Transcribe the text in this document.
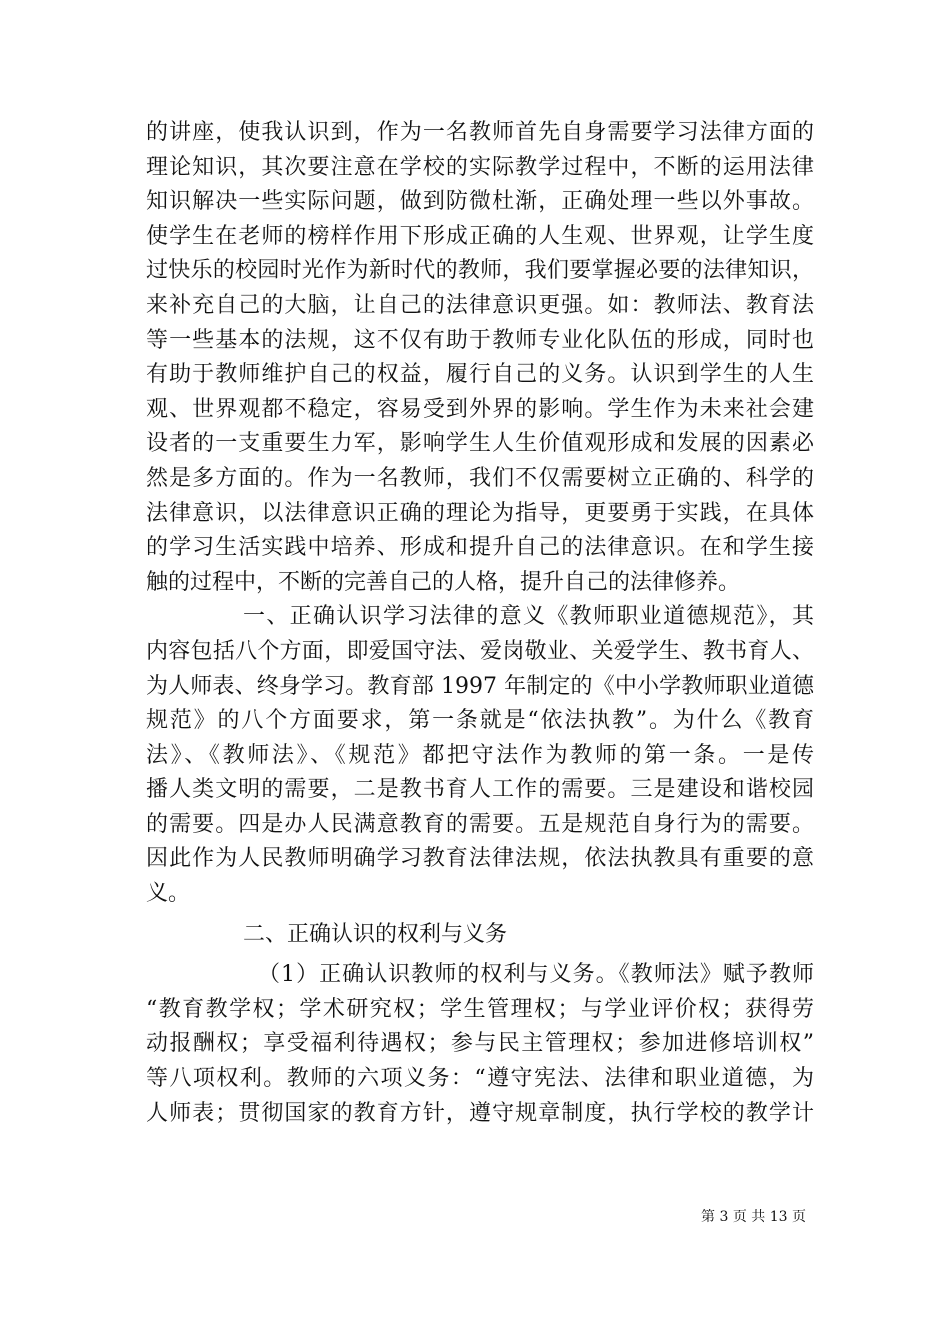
的讲座，使我认识到，作为一名教师首先自身需要学习法律方面的
理论知识，其次要注意在学校的实际教学过程中，不断的运用法律
知识解决一些实际问题，做到防微杜渐，正确处理一些以外事故。
使学生在老师的榜样作用下形成正确的人生观、世界观，让学生度
过快乐的校园时光作为新时代的教师，我们要掌握必要的法律知识，
来补充自己的大脑，让自己的法律意识更强。如：教师法、教育法
等一些基本的法规，这不仅有助于教师专业化队伍的形成，同时也
有助于教师维护自己的权益，履行自己的义务。认识到学生的人生
观、世界观都不稳定，容易受到外界的影响。学生作为未来社会建
设者的一支重要生力军，影响学生人生价值观形成和发展的因素必
然是多方面的。作为一名教师，我们不仅需要树立正确的、科学的
法律意识，以法律意识正确的理论为指导，更要勇于实践，在具体
的学习生活实践中培养、形成和提升自己的法律意识。在和学生接
触的过程中，不断的完善自己的人格，提升自己的法律修养。
一、正确认识学习法律的意义《教师职业道德规范》，其
内容包括八个方面，即爱国守法、爱岗敬业、关爱学生、教书育人、
为人师表、终身学习。教育部 1997 年制定的《中小学教师职业道德
规范》的八个方面要求，第一条就是“依法执教”。为什么《教育
法》、《教师法》、《规范》都把守法作为教师的第一条。一是传
播人类文明的需要，二是教书育人工作的需要。三是建设和谐校园
的需要。四是办人民满意教育的需要。五是规范自身行为的需要。
因此作为人民教师明确学习教育法律法规，依法执教具有重要的意
义。
二、正确认识的权利与义务
（1）正确认识教师的权利与义务。《教师法》赋予教师
“教育教学权；学术研究权；学生管理权；与学业评价权；获得劳
动报酬权；享受福利待遇权；参与民主管理权；参加进修培训权”
等八项权利。教师的六项义务：“遵守宪法、法律和职业道德，为
人师表；贯彻国家的教育方针，遵守规章制度，执行学校的教学计
第 3 页 共 13 页
